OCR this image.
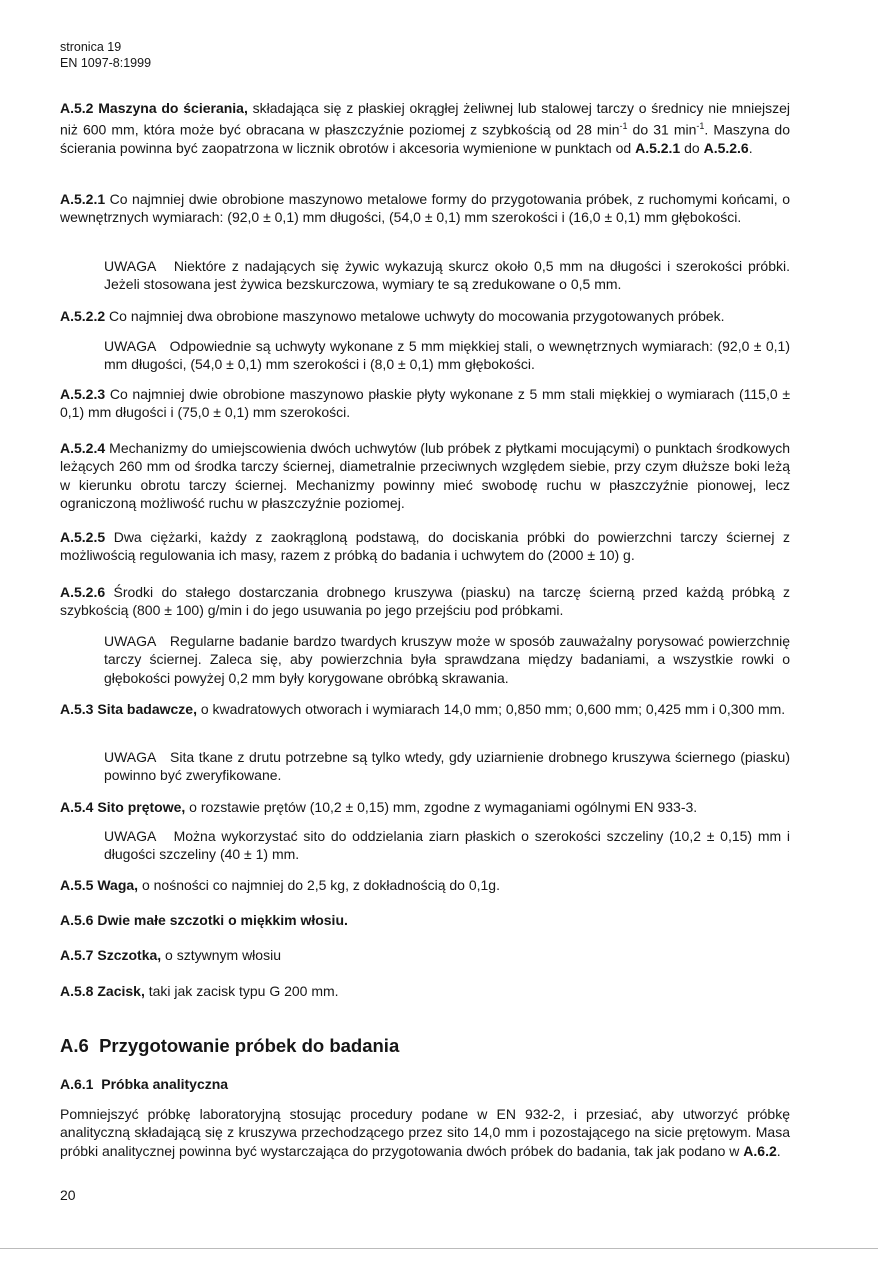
stronica 19
EN 1097-8:1999
A.5.2 Maszyna do ścierania, składająca się z płaskiej okrągłej żeliwnej lub stalowej tarczy o średnicy nie mniejszej niż 600 mm, która może być obracana w płaszczyźnie poziomej z szybkością od 28 $\min^{-1}$ do 31 $\min^{-1}$. Maszyna do ścierania powinna być zaopatrzona w licznik obrotów i akcesoria wymienione w punktach od A.5.2.1 do A.5.2.6.
A.5.2.1 Co najmniej dwie obrobione maszynowo metalowe formy do przygotowania próbek, z ruchomymi końcami, o wewnętrznych wymiarach: (92,0 ± 0,1) mm długości, (54,0 ± 0,1) mm szerokości i (16,0 ± 0,1) mm głębokości.
UWAGA Niektóre z nadających się żywic wykazują skurcz około 0,5 mm na długości i szerokości próbki. Jeżeli stosowana jest żywica bezskurczowa, wymiary te są zredukowane o 0,5 mm.
A.5.2.2 Co najmniej dwa obrobione maszynowo metalowe uchwyty do mocowania przygotowanych próbek.
UWAGA Odpowiednie są uchwyty wykonane z 5 mm miękkiej stali, o wewnętrznych wymiarach: (92,0 ± 0,1) mm długości, (54,0 ± 0,1) mm szerokości i (8,0 ± 0,1) mm głębokości.
A.5.2.3 Co najmniej dwie obrobione maszynowo płaskie płyty wykonane z 5 mm stali miękkiej o wymiarach (115,0 ± 0,1) mm długości i (75,0 ± 0,1) mm szerokości.
A.5.2.4 Mechanizmy do umiejscowienia dwóch uchwytów (lub próbek z płytkami mocującymi) o punktach środkowych leżących 260 mm od środka tarczy ściernej, diametralnie przeciwnych względem siebie, przy czym dłuższe boki leżą w kierunku obrotu tarczy ściernej. Mechanizmy powinny mieć swobodę ruchu w płaszczyźnie pionowej, lecz ograniczoną możliwość ruchu w płaszczyźnie poziomej.
A.5.2.5 Dwa ciężarki, każdy z zaokrągloną podstawą, do dociskania próbki do powierzchni tarczy ściernej z możliwością regulowania ich masy, razem z próbką do badania i uchwytem do (2000 ± 10) g.
A.5.2.6 Środki do stałego dostarczania drobnego kruszywa (piasku) na tarczę ścierną przed każdą próbką z szybkością (800 ± 100) g/min i do jego usuwania po jego przejściu pod próbkami.
UWAGA Regularne badanie bardzo twardych kruszyw może w sposób zauważalny porysować powierzchnię tarczy ściernej. Zaleca się, aby powierzchnia była sprawdzana między badaniami, a wszystkie rowki o głębokości powyżej 0,2 mm były korygowane obróbką skrawania.
A.5.3 Sita badawcze, o kwadratowych otworach i wymiarach 14,0 mm; 0,850 mm; 0,600 mm; 0,425 mm i 0,300 mm.
UWAGA Sita tkane z drutu potrzebne są tylko wtedy, gdy uziarnienie drobnego kruszywa ściernego (piasku) powinno być zweryfikowane.
A.5.4 Sito prętowe, o rozstawie prętów (10,2 ± 0,15) mm, zgodne z wymaganiami ogólnymi EN 933-3.
UWAGA Można wykorzystać sito do oddzielania ziarn płaskich o szerokości szczeliny (10,2 ± 0,15) mm i długości szczeliny (40 ± 1) mm.
A.5.5 Waga, o nośności co najmniej do 2,5 kg, z dokładnością do 0,1g.
A.5.6 Dwie małe szczotki o miękkim włosiu.
A.5.7 Szczotka, o sztywnym włosiu
A.5.8 Zacisk, taki jak zacisk typu G 200 mm.
A.6 Przygotowanie próbek do badania
A.6.1 Próbka analityczna
Pomniejszyć próbkę laboratoryjną stosując procedury podane w EN 932-2, i przesiać, aby utworzyć próbkę analityczną składającą się z kruszywa przechodzącego przez sito 14,0 mm i pozostającego na sicie prętowym. Masa próbki analitycznej powinna być wystarczająca do przygotowania dwóch próbek do badania, tak jak podano w A.6.2.
20
